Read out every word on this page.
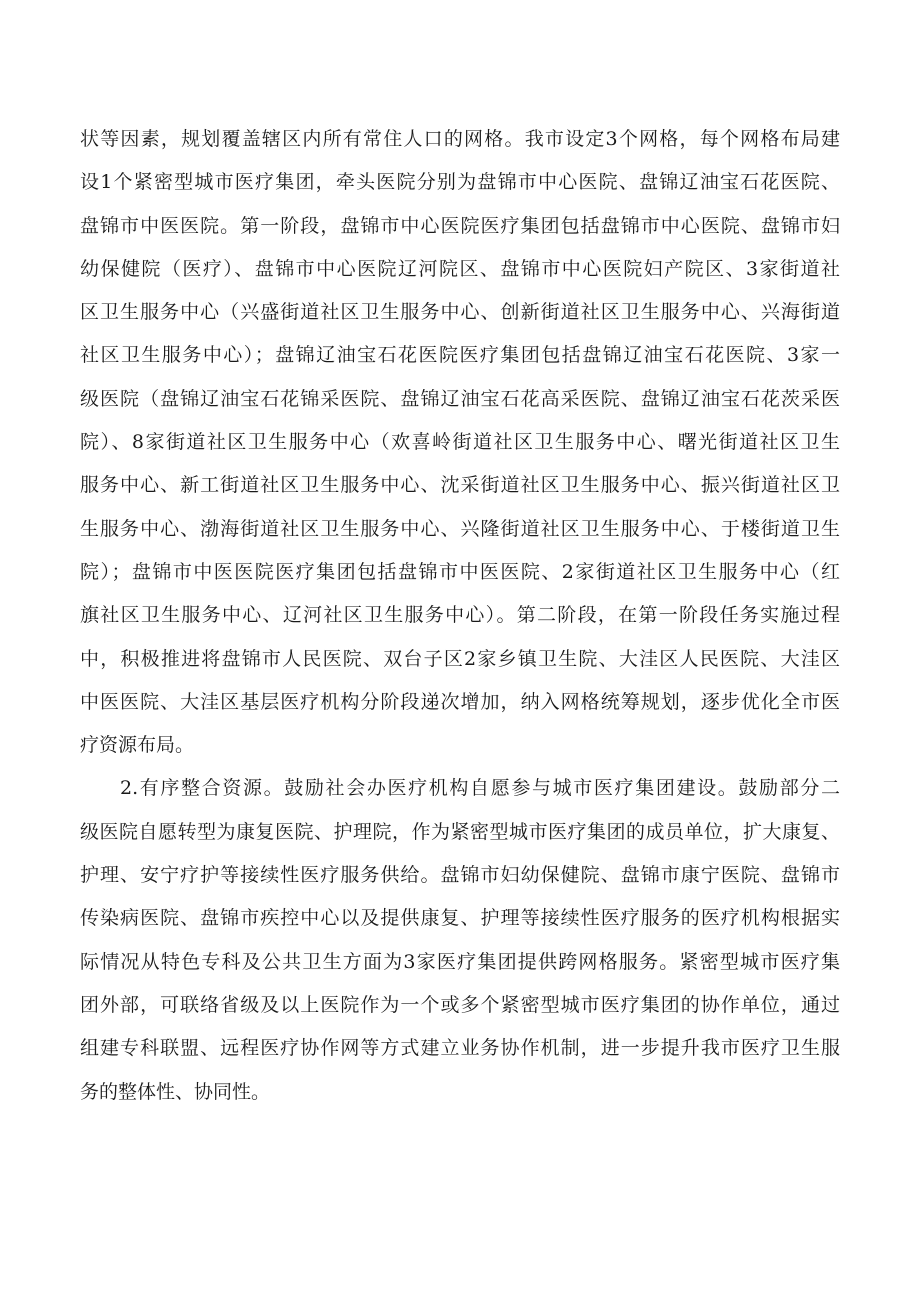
状等因素，规划覆盖辖区内所有常住人口的网格。我市设定3个网格，每个网格布局建
设1个紧密型城市医疗集团，牵头医院分别为盘锦市中心医院、盘锦辽油宝石花医院、
盘锦市中医医院。第一阶段，盘锦市中心医院医疗集团包括盘锦市中心医院、盘锦市妇
幼保健院（医疗）、盘锦市中心医院辽河院区、盘锦市中心医院妇产院区、3家街道社
区卫生服务中心（兴盛街道社区卫生服务中心、创新街道社区卫生服务中心、兴海街道
社区卫生服务中心）；盘锦辽油宝石花医院医疗集团包括盘锦辽油宝石花医院、3家一
级医院（盘锦辽油宝石花锦采医院、盘锦辽油宝石花高采医院、盘锦辽油宝石花茨采医
院）、8家街道社区卫生服务中心（欢喜岭街道社区卫生服务中心、曙光街道社区卫生
服务中心、新工街道社区卫生服务中心、沈采街道社区卫生服务中心、振兴街道社区卫
生服务中心、渤海街道社区卫生服务中心、兴隆街道社区卫生服务中心、于楼街道卫生
院）；盘锦市中医医院医疗集团包括盘锦市中医医院、2家街道社区卫生服务中心（红
旗社区卫生服务中心、辽河社区卫生服务中心）。第二阶段，在第一阶段任务实施过程
中，积极推进将盘锦市人民医院、双台子区2家乡镇卫生院、大洼区人民医院、大洼区
中医医院、大洼区基层医疗机构分阶段递次增加，纳入网格统筹规划，逐步优化全市医
疗资源布局。
2.有序整合资源。鼓励社会办医疗机构自愿参与城市医疗集团建设。鼓励部分二
级医院自愿转型为康复医院、护理院，作为紧密型城市医疗集团的成员单位，扩大康复、
护理、安宁疗护等接续性医疗服务供给。盘锦市妇幼保健院、盘锦市康宁医院、盘锦市
传染病医院、盘锦市疾控中心以及提供康复、护理等接续性医疗服务的医疗机构根据实
际情况从特色专科及公共卫生方面为3家医疗集团提供跨网格服务。紧密型城市医疗集
团外部，可联络省级及以上医院作为一个或多个紧密型城市医疗集团的协作单位，通过
组建专科联盟、远程医疗协作网等方式建立业务协作机制，进一步提升我市医疗卫生服
务的整体性、协同性。
